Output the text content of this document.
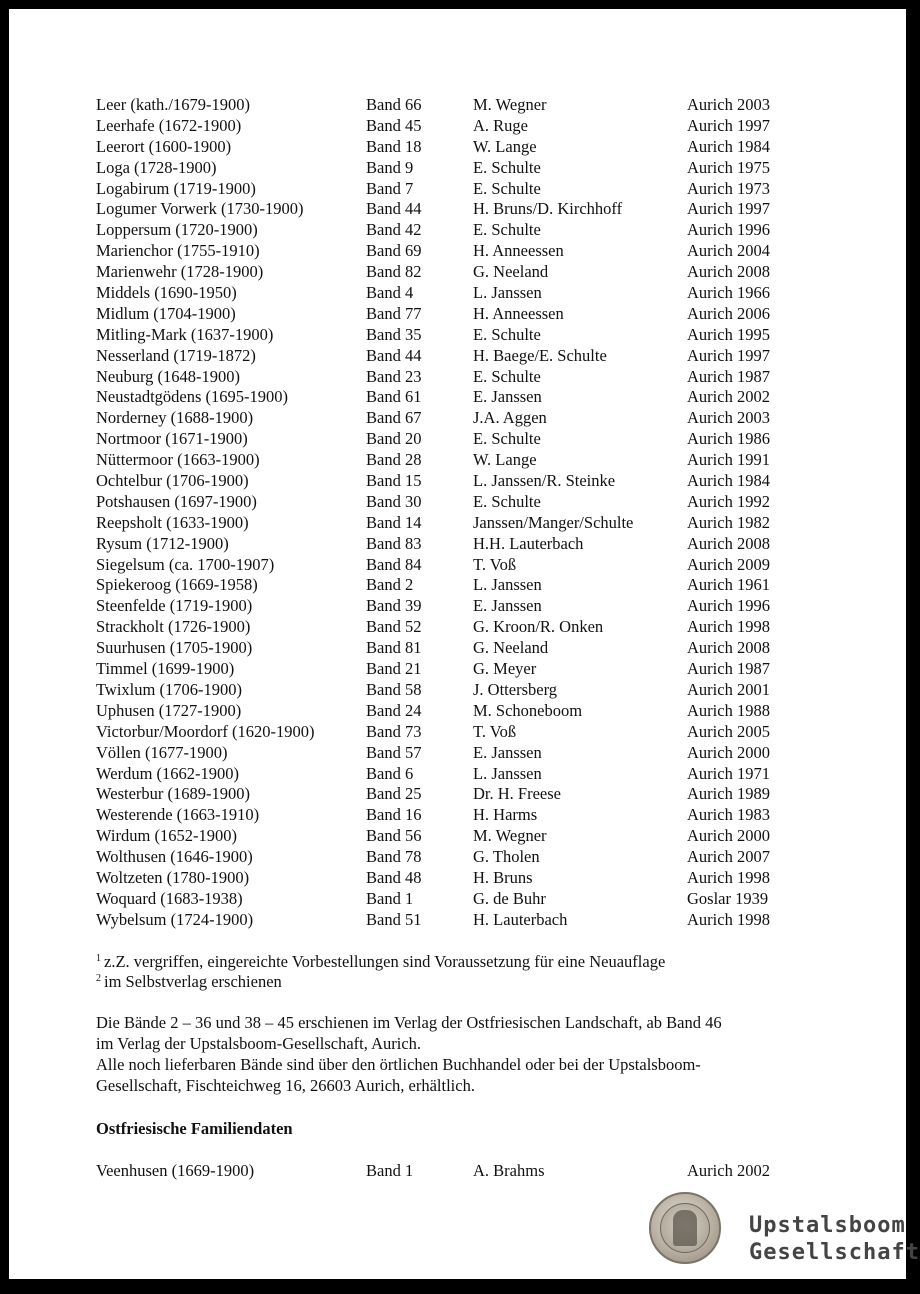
Leer (kath./1679-1900)	Band 66	M. Wegner	Aurich 2003
Leerhafe (1672-1900)	Band 45	A. Ruge	Aurich 1997
Leerort (1600-1900)	Band 18	W. Lange	Aurich 1984
Loga (1728-1900)	Band 9	E. Schulte	Aurich 1975
Logabirum (1719-1900)	Band 7	E. Schulte	Aurich 1973
Logumer Vorwerk (1730-1900)	Band 44	H. Bruns/D. Kirchhoff	Aurich 1997
Loppersum (1720-1900)	Band 42	E. Schulte	Aurich 1996
Marienchor (1755-1910)	Band 69	H. Anneessen	Aurich 2004
Marienwehr (1728-1900)	Band 82	G. Neeland	Aurich 2008
Middels (1690-1950)	Band 4	L. Janssen	Aurich 1966
Midlum (1704-1900)	Band 77	H. Anneessen	Aurich 2006
Mitling-Mark (1637-1900)	Band 35	E. Schulte	Aurich 1995
Nesserland (1719-1872)	Band 44	H. Baege/E. Schulte	Aurich 1997
Neuburg (1648-1900)	Band 23	E. Schulte	Aurich 1987
Neustadtgödens (1695-1900)	Band 61	E. Janssen	Aurich 2002
Norderney (1688-1900)	Band 67	J.A. Aggen	Aurich 2003
Nortmoor (1671-1900)	Band 20	E. Schulte	Aurich 1986
Nüttermoor (1663-1900)	Band 28	W. Lange	Aurich 1991
Ochtelbur (1706-1900)	Band 15	L. Janssen/R. Steinke	Aurich 1984
Potshausen (1697-1900)	Band 30	E. Schulte	Aurich 1992
Reepsholt (1633-1900)	Band 14	Janssen/Manger/Schulte	Aurich 1982
Rysum (1712-1900)	Band 83	H.H. Lauterbach	Aurich 2008
Siegelsum (ca. 1700-1907)	Band 84	T. Voß	Aurich 2009
Spiekeroog (1669-1958)	Band 2	L. Janssen	Aurich 1961
Steenfelde (1719-1900)	Band 39	E. Janssen	Aurich 1996
Strackholt (1726-1900)	Band 52	G. Kroon/R. Onken	Aurich 1998
Suurhusen (1705-1900)	Band 81	G. Neeland	Aurich 2008
Timmel (1699-1900)	Band 21	G. Meyer	Aurich 1987
Twixlum (1706-1900)	Band 58	J. Ottersberg	Aurich 2001
Uphusen (1727-1900)	Band 24	M. Schoneboom	Aurich 1988
Victorbur/Moordorf (1620-1900)	Band 73	T. Voß	Aurich 2005
Völlen (1677-1900)	Band 57	E. Janssen	Aurich 2000
Werdum (1662-1900)	Band 6	L. Janssen	Aurich 1971
Westerbur (1689-1900)	Band 25	Dr. H. Freese	Aurich 1989
Westerende (1663-1910)	Band 16	H. Harms	Aurich 1983
Wirdum (1652-1900)	Band 56	M. Wegner	Aurich 2000
Wolthusen (1646-1900)	Band 78	G. Tholen	Aurich 2007
Woltzeten (1780-1900)	Band 48	H. Bruns	Aurich 1998
Woquard (1683-1938)	Band 1	G. de Buhr	Goslar 1939
Wybelsum (1724-1900)	Band 51	H. Lauterbach	Aurich 1998
$^1$ z.Z. vergriffen, eingereichte Vorbestellungen sind Voraussetzung für eine Neuauflage
$^2$ im Selbstverlag erschienen
Die Bände 2 – 36 und 38 – 45 erschienen im Verlag der Ostfriesischen Landschaft, ab Band 46
im Verlag der Upstalsboom-Gesellschaft, Aurich.
Alle noch lieferbaren Bände sind über den örtlichen Buchhandel oder bei der Upstalsboom-
Gesellschaft, Fischteichweg 16, 26603 Aurich, erhältlich.
Ostfriesische Familiendaten
Veenhusen (1669-1900)	Band 1	A. Brahms	Aurich 2002
Upstalsboom
Gesellschaft
